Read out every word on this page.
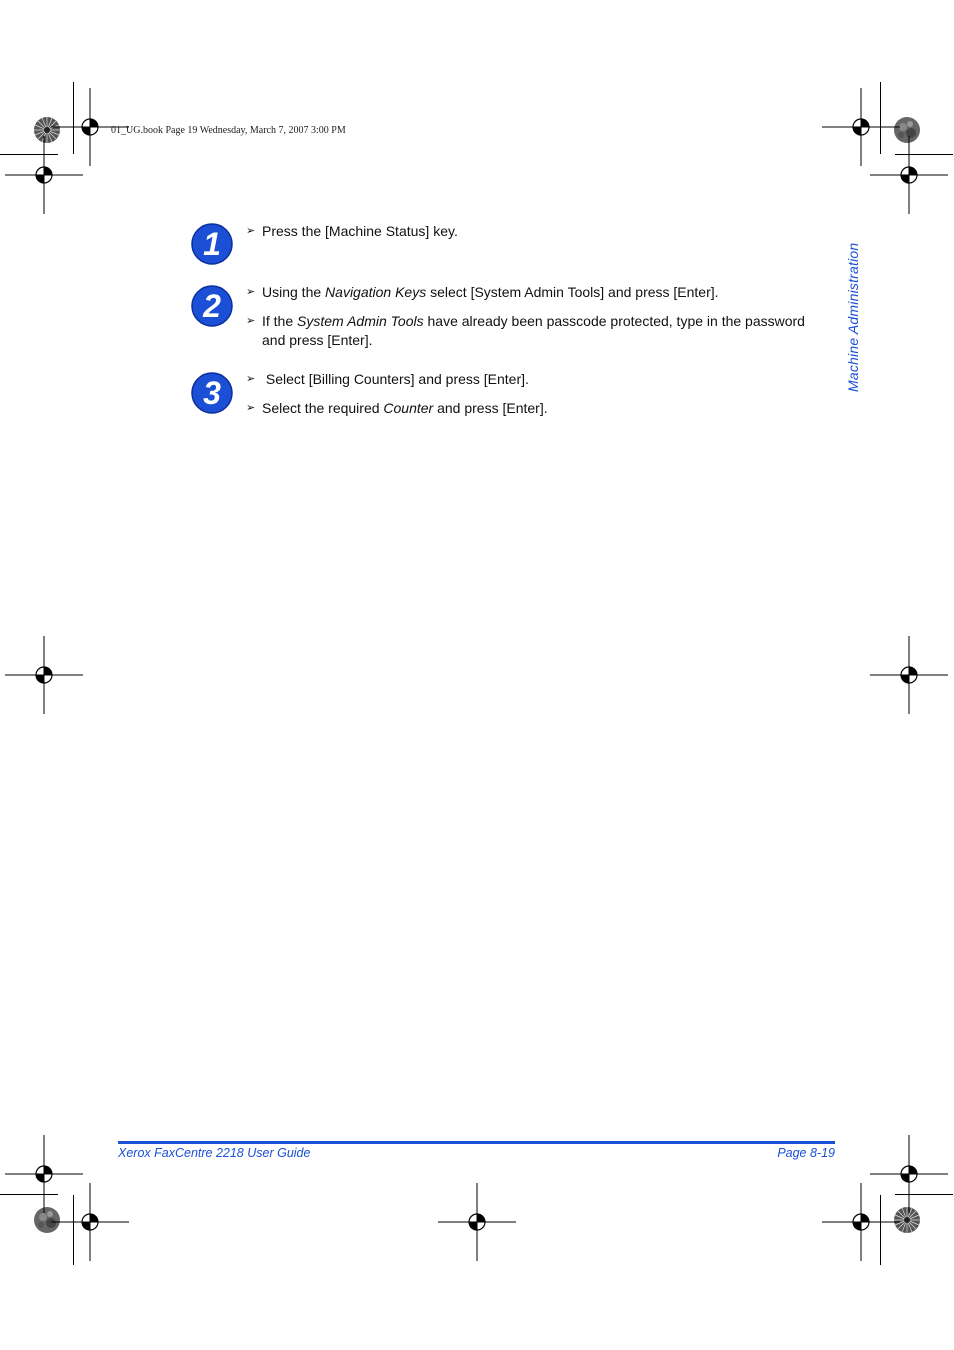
01_UG.book Page 19 Wednesday, March 7, 2007 3:00 PM
Machine Administration
1 ➢ Press the [Machine Status] key.
2 ➢ Using the Navigation Keys select [System Admin Tools] and press [Enter].
➢ If the System Admin Tools have already been passcode protected, type in the password
and press [Enter].
3 ➢ Select [Billing Counters] and press [Enter].
➢ Select the required Counter and press [Enter].
Xerox FaxCentre 2218 User Guide	Page 8-19
